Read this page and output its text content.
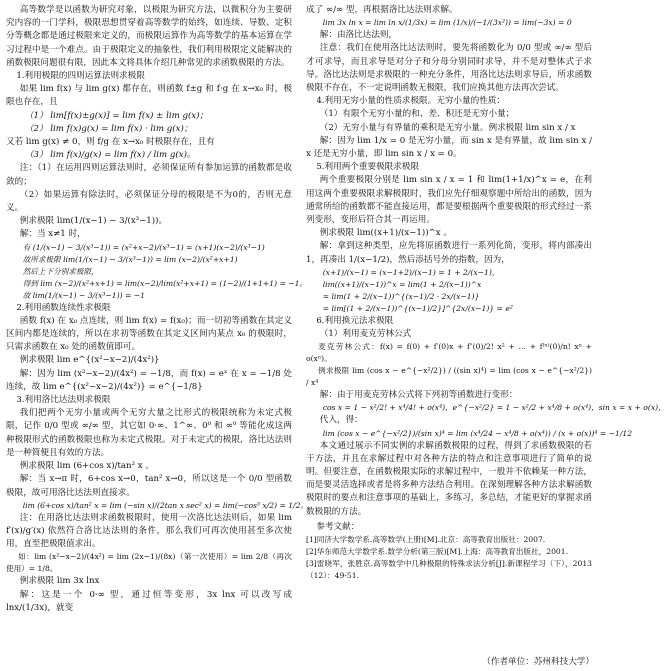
高等数学是以函数为研究对象，以极限为研究方法，以微积分为主要研究内容的一门学科，极限思想贯穿着高等数学的始终，如连续、导数、定积分等概念都是通过极限来定义的，而极限运算作为高等数学的基本运算在学习过程中是一个难点。由于极限定义的抽象性，我们利用极限定义能解决的函数极限问题很有限，因此本文将具体介绍几种常见的求函数极限的方法。

1.利用极限的四则运算法则求极限

如果 lim f(x) 与 lim g(x) 都存在，则函数 f±g 和 f·g 在 x→x₀ 时，极限也存在，且

（1） lim[f(x)±g(x)] = lim f(x) ± lim g(x)；

（2） lim f(x)g(x) = lim f(x) · lim g(x)；

又若 lim g(x) ≠ 0，则 f/g 在 x→x₀ 时极限存在，且有

（3） lim f(x)/g(x) = lim f(x) / lim g(x)。

注：（1）在运用四则运算法则时，必须保证所有参加运算的函数都是收敛的；

（2）如果运算有除法时，必须保证分母的极限是不为0的，否则无意义。

例求极限 lim(1/(x−1) − 3/(x³−1))。

解：当 x≠1 时，

有 (1/(x−1) − 3/(x³−1)) = (x²+x−2)/(x³−1) = (x+1)(x−2)/(x³−1)

故所求极限 lim(1/(x−1) − 3/(x³−1)) = lim (x−2)/(x²+x+1)

然后上下分别求极限，

得到 lim (x−2)/(x²+x+1) = lim(x−2)/lim(x²+x+1) = (1−2)/(1+1+1) = −1。

故 lim(1/(x−1) − 3/(x³−1)) = −1

2.利用函数连续性求极限

函数 f(x) 在 x₀ 点连续，则 lim f(x) = f(x₀)；而一切初等函数在其定义区间内都是连续的，所以在求初等函数在其定义区间内某点 x₀ 的极限时，只需求函数在 x₀ 处的函数值即可。

例求极限 lim e^{(x²−x−2)/(4x²)}

解：因为 lim (x²−x−2)/(4x²) = −1/8，而 f(x) = eˣ 在 x = −1/8 处连续，故 lim e^{(x²−x−2)/(4x²)} = e^{−1/8}

3.利用洛比达法则求极限

我们把两个无穷小量或两个无穷大量之比形式的极限统称为未定式极限，记作 0/0 型或 ∞/∞ 型，其它如 0·∞、1^∞、0⁰ 和 ∞⁰ 等能化成这两种极限形式的函数极限也称为未定式极限。对于未定式的极限，洛比达法则是一种简便且有效的方法。

例求极限 lim (6+cos x)/tan² x 。

解：当 x→π 时，6+cos x→0，tan² x→0，所以这是一个 0/0 型函数极限，故可用洛比达法则直接求。

lim (6+cos x)/tan² x = lim (−sin x)/(2tan x sec² x) = lim(−cos³ x/2) = 1/2。

注：在用洛比达法则求函数极限时，使用一次洛比达法则后，如果 lim f′(x)/g′(x) 依然符合洛比达法则的条件，那么我们可再次使用甚至多次使用，直至把极限值求出。

如：lim (x²−x−2)/(4x²) = lim (2x−1)/(8x)（第一次使用）= lim 2/8（再次使用）= 1/8。

例求极限 lim 3x lnx

解：这是一个 0·∞ 型，通过恒等变形，3x lnx 可以改写成 lnx/(1/3x)，就变

成了 ∞/∞ 型，再根据洛比达法则求解。

lim 3x ln x = lim ln x/(1/3x) = lim (1/x)/(−1/(3x²)) = lim(−3x) = 0

解：由洛比达法则，

注意：我们在使用洛比达法则时，要先将函数化为 0/0 型或 ∞/∞ 型后才可求导，而且求导是对分子和分母分别同时求导，并不是对整体式子求导。洛比达法则是求极限的一种充分条件，用洛比达法则求导后，所求函数极限不存在，不一定说明函数无极限，我们应换其他方法再次尝试。

4.利用无穷小量的性质求极限。无穷小量的性质：

（1）有限个无穷小量的和、差、积还是无穷小量；

（2）无穷小量与有界量的乘积是无穷小量。例求极限 lim sin x / x

解：因为 lim 1/x = 0 是无穷小量，而 sin x 是有界量，故 lim sin x / x 还是无穷小量，即 lim sin x / x = 0。

5.利用两个重要极限求极限

两个重要极限分别是 lim sin x / x = 1 和 lim(1+1/x)^x = e，在利用这两个重要极限求解极限时，我们应先仔细观察题中所给出的函数，因为通常所给的函数都不能直接运用，都是要根据两个重要极限的形式经过一系列变形，变形后符合其一再运用。

例求极限 lim((x+1)/(x−1))^x 。

解：拿到这种类型，应先将原函数进行一系列化简，变形，将内部凑出 1，再凑出 1/(x−1/2)，然后添括号外的指数，因为，

(x+1)/(x−1) = (x−1+2)/(x−1) = 1 + 2/(x−1)，

lim((x+1)/(x−1))^x = lim(1 + 2/(x−1))^x

= lim(1 + 2/(x−1))^{(x−1)/2 · 2x/(x−1)}

= lim[(1 + 2/(x−1))^{(x−1)/2}]^{2x/(x−1)} = e²

6.利用换元法求极限

（1）利用麦克劳林公式

麦克劳林公式：f(x) = f(0) + f′(0)x + f″(0)/2! x² + … + f⁽ⁿ⁾(0)/n! xⁿ + o(xⁿ)。

例求极限 lim (cos x − e^{−x²/2}) / ((sin x)⁴) = lim (cos x − e^{−x²/2}) / x⁴

解：由于用麦克劳林公式将下列初等函数进行变形：

cos x = 1 − x²/2! + x⁴/4! + o(x⁴)，e^{−x²/2} = 1 − x²/2 + x⁴/8 + o(x⁴)，sin x = x + o(x)，

代入，得：

lim (cos x − e^{−x²/2})/(sin x)⁴ = lim (x⁴/24 − x⁴/8 + o(x⁴)) / (x + o(x))⁴ = −1/12

本文通过展示不同实例的求解函数极限的过程，得到了求函数极限的若干方法，并且在求解过程中对各种方法的特点和注意事项进行了简单的说明。但要注意，在函数极限实际的求解过程中，一般并不依赖某一种方法，而是要灵活选择或者是将多种方法结合利用。在深刻理解各种方法求解函数极限时的要点和注意事项的基础上，多练习，多总结，才能更好的掌握求函数极限的方法。

参考文献：

[1]同济大学数学系.高等数学(上册)[M].北京：高等教育出版社：2007.

[2]华东师范大学数学系.数学分析(第三版)[M].上海：高等教育出版社，2001.

[3]雷晓军，张胜京.高等数学中几种极限的特殊求法分析[J].新课程学习（下），2013（12）：49-51.

（作者单位：苏州科技大学）
